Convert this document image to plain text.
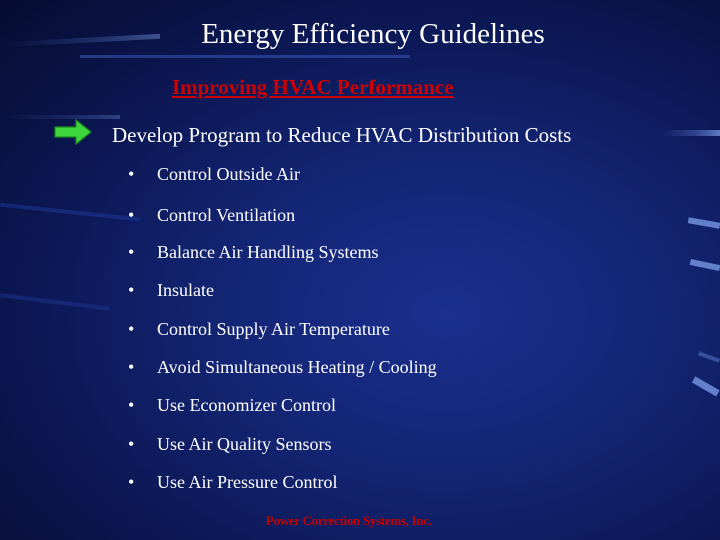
Energy Efficiency Guidelines
Improving HVAC Performance
Develop Program to Reduce HVAC Distribution Costs
•	Control Outside Air
•	Control Ventilation
•	Balance Air Handling Systems
•	Insulate
•	Control Supply Air Temperature
•	Avoid Simultaneous Heating / Cooling
•	Use Economizer Control
•	Use Air Quality Sensors
•	Use Air Pressure Control
Power Correction Systems, Inc.
